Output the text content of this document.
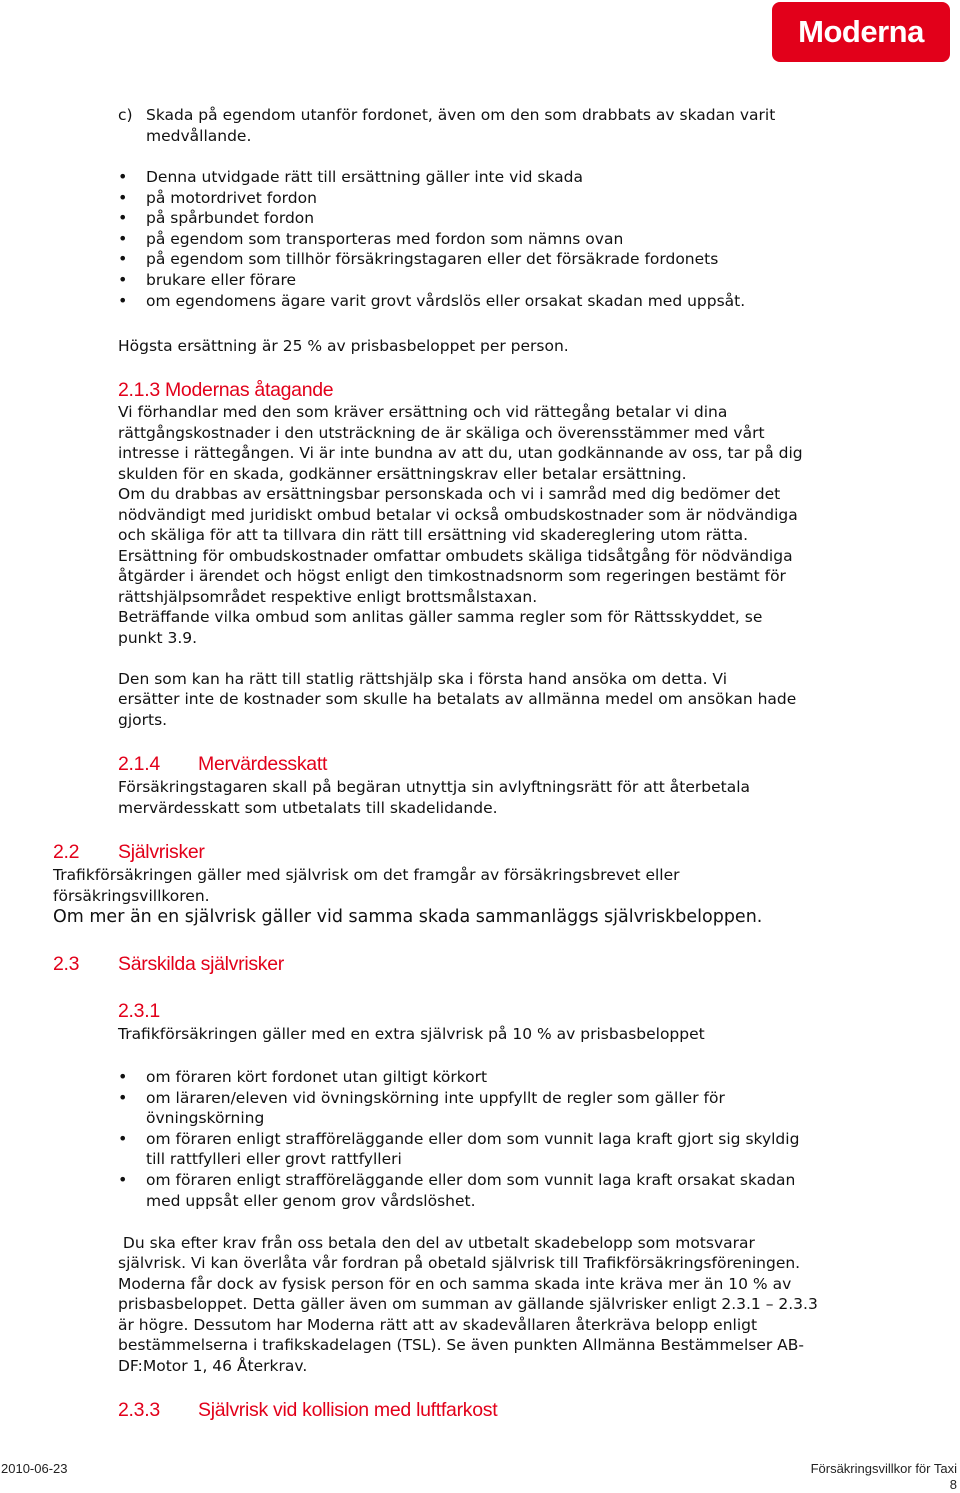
Moderna

c) Skada på egendom utanför fordonet, även om den som drabbats av skadan varit

medvållande.

• Denna utvidgade rätt till ersättning gäller inte vid skada
• på motordrivet fordon
• på spårbundet fordon
• på egendom som transporteras med fordon som nämns ovan
• på egendom som tillhör försäkringstagaren eller det försäkrade fordonets
• brukare eller förare
• om egendomens ägare varit grovt vårdslös eller orsakat skadan med uppsåt.

Högsta ersättning är 25 % av prisbasbeloppet per person.

2.1.3 Modernas åtagande

Vi förhandlar med den som kräver ersättning och vid rättegång betalar vi dina

rättgångskostnader i den utsträckning de är skäliga och överensstämmer med vårt

intresse i rättegången. Vi är inte bundna av att du, utan godkännande av oss, tar på dig

skulden för en skada, godkänner ersättningskrav eller betalar ersättning.

Om du drabbas av ersättningsbar personskada och vi i samråd med dig bedömer det

nödvändigt med juridiskt ombud betalar vi också ombudskostnader som är nödvändiga

och skäliga för att ta tillvara din rätt till ersättning vid skadereglering utom rätta.

Ersättning för ombudskostnader omfattar ombudets skäliga tidsåtgång för nödvändiga

åtgärder i ärendet och högst enligt den timkostnadsnorm som regeringen bestämt för

rättshjälpsområdet respektive enligt brottsmålstaxan.

Beträffande vilka ombud som anlitas gäller samma regler som för Rättsskyddet, se

punkt 3.9.

Den som kan ha rätt till statlig rättshjälp ska i första hand ansöka om detta. Vi

ersätter inte de kostnader som skulle ha betalats av allmänna medel om ansökan hade

gjorts.

2.1.4 Mervärdesskatt

Försäkringstagaren skall på begäran utnyttja sin avlyftningsrätt för att återbetala

mervärdesskatt som utbetalats till skadelidande.

2.2 Självrisker

Trafikförsäkringen gäller med självrisk om det framgår av försäkringsbrevet eller

försäkringsvillkoren.

Om mer än en självrisk gäller vid samma skada sammanläggs självriskbeloppen.

2.3 Särskilda självrisker

2.3.1

Trafikförsäkringen gäller med en extra självrisk på 10 % av prisbasbeloppet

• om föraren kört fordonet utan giltigt körkort
• om läraren/eleven vid övningskörning inte uppfyllt de regler som gäller för
övningskörning
• om föraren enligt strafföreläggande eller dom som vunnit laga kraft gjort sig skyldig
till rattfylleri eller grovt rattfylleri
• om föraren enligt strafföreläggande eller dom som vunnit laga kraft orsakat skadan
med uppsåt eller genom grov vårdslöshet.

Du ska efter krav från oss betala den del av utbetalt skadebelopp som motsvarar

självrisk. Vi kan överlåta vår fordran på obetald självrisk till Trafikförsäkringsföreningen.

Moderna får dock av fysisk person för en och samma skada inte kräva mer än 10 % av

prisbasbeloppet. Detta gäller även om summan av gällande självrisker enligt 2.3.1 – 2.3.3

är högre. Dessutom har Moderna rätt att av skadevållaren återkräva belopp enligt

bestämmelserna i trafikskadelagen (TSL). Se även punkten Allmänna Bestämmelser AB-

DF:Motor 1, 46 Återkrav.

2.3.3 Självrisk vid kollision med luftfarkost

2010-06-23	Försäkringsvillkor för Taxi
8
